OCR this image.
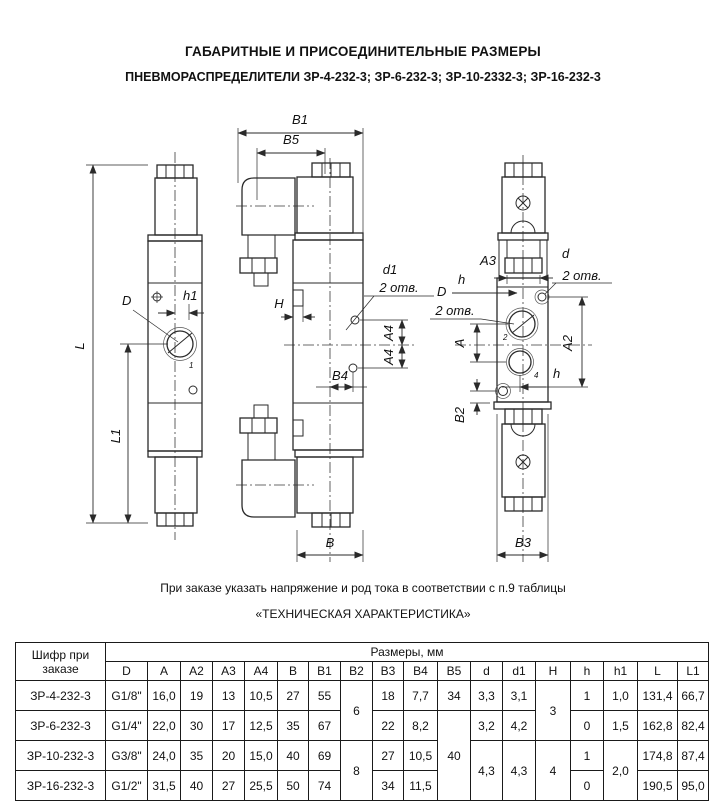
ГАБАРИТНЫЕ И ПРИСОЕДИНИТЕЛЬНЫЕ РАЗМЕРЫ
ПНЕВМОРАСПРЕДЕЛИТЕЛИ ЗР-4-232-3; ЗР-6-232-3; ЗР-10-2332-3; ЗР-16-232-3
D
1
h1
L
L1
B1
B5
H
d1
2 отв.
A4
A4
B4
B
2
4
A3	d
2 отв.
h
D
2 отв.
A	A2
h
B2
B3
При заказе указать напряжение и род тока в соответствии с п.9 таблицы
«ТЕХНИЧЕСКАЯ ХАРАКТЕРИСТИКА»
Шифр при
заказе	Размеры, мм																	
	D	A	A2	A3	A4	B	B1	B2	B3	B4	B5	d	d1	H	h	h1	L	L1
ЗР-4-232-3	G1/8"	16,0	19	13	10,5	27	55	6	18	7,7	34	3,3	3,1	3	1	1,0	131,4	66,7
ЗР-6-232-3	G1/4"	22,0	30	17	12,5	35	67		22	8,2	40	3,2	4,2		0	1,5	162,8	82,4
ЗР-10-232-3	G3/8"	24,0	35	20	15,0	40	69	8	27	10,5		4,3	4,3	4	1	2,0	174,8	87,4
ЗР-16-232-3	G1/2"	31,5	40	27	25,5	50	74		34	11,5					0		190,5	95,0
